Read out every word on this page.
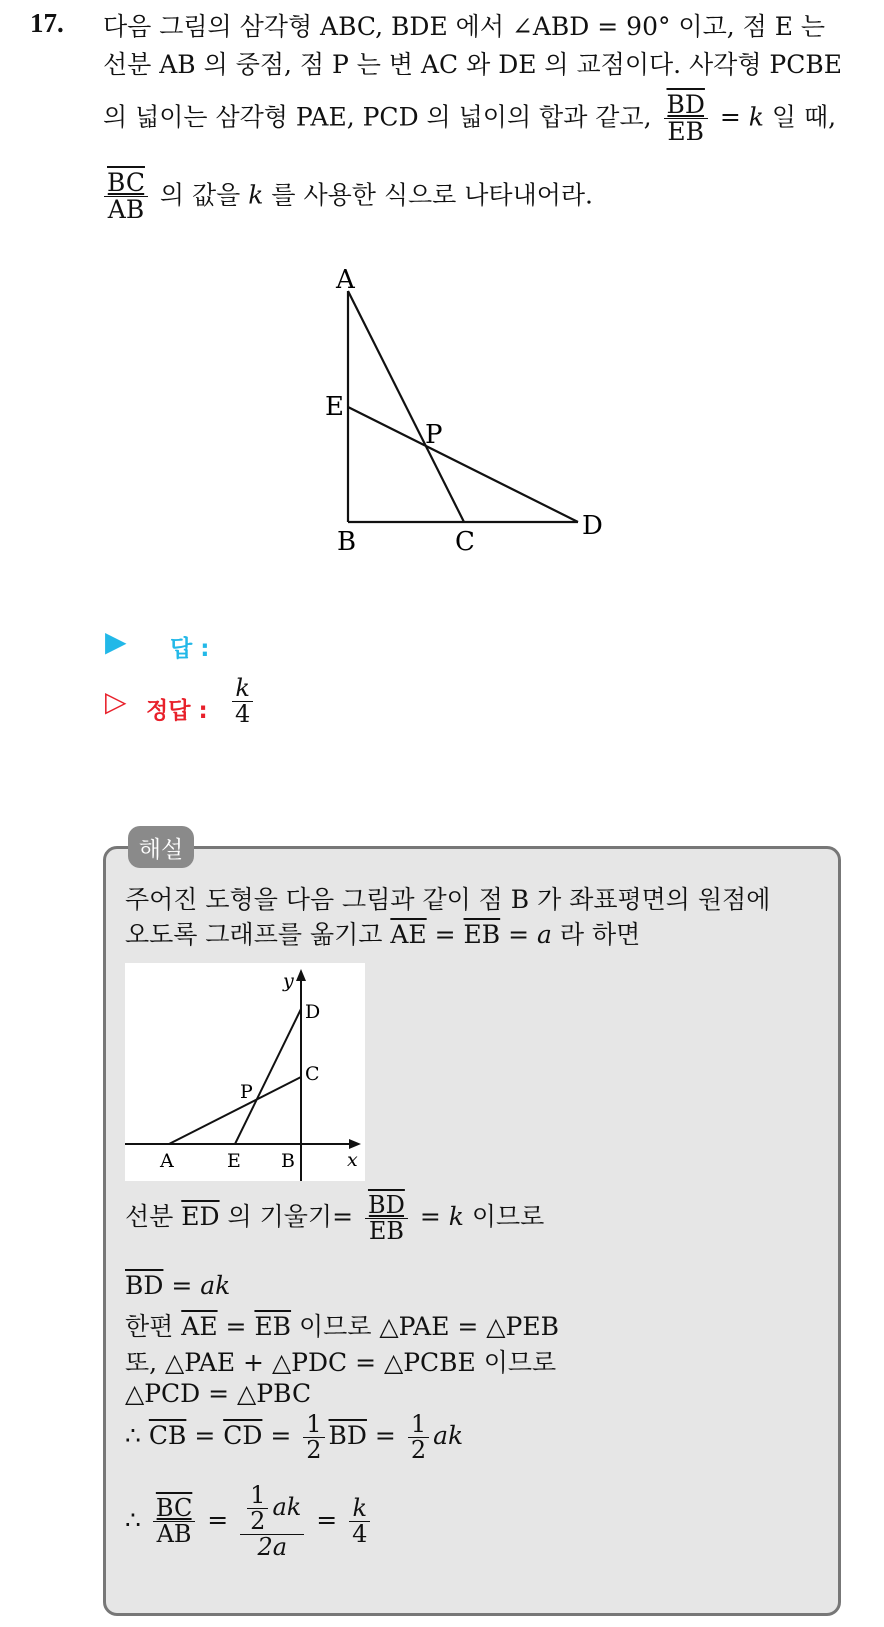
17. 다음 그림의 삼각형 ABC, BDE 에서 ∠ABD = 90° 이고, 점 E 는
선분 AB 의 중점, 점 P 는 변 AC 와 DE 의 교점이다. 사각형 PCBE
의 넓이는 삼각형 PAE, PCD 의 넓이의 합과 같고, $\frac{\overline{BD}}{EB} = k$ 일 때,
$\frac{\overline{BC}}{AB}$ 의 값을 k 를 사용한 식으로 나타내어라.
A
E
P
B	C
D
▶ 답 :
▷ 정답 : $\frac{k}{4}$
해설
주어진 도형을 다음 그림과 같이 점 B 가 좌표평면의 원점에
오도록 그래프를 옮기고 $\overline{AE} = \overline{EB} = a$ 라 하면
y
x
D
C
P
A	E B
선분 $\overline{ED}$ 의 기울기= $\frac{\overline{BD}}{EB} = k$ 이므로
$\overline{BD}$ = ak
한편 $\overline{AE} = \overline{EB}$ 이므로 △PAE = △PEB
또, △PAE + △PDC = △PCBE 이므로
△PCD = △PBC
∴ $\overline{CB} = \overline{CD} = \frac{1}{2} \overline{BD} = \frac{1}{2}$ ak
∴ $\frac{\overline{BC}}{AB} = \frac{\frac{1}{2} ak}{2a} = \frac{k}{4}$
